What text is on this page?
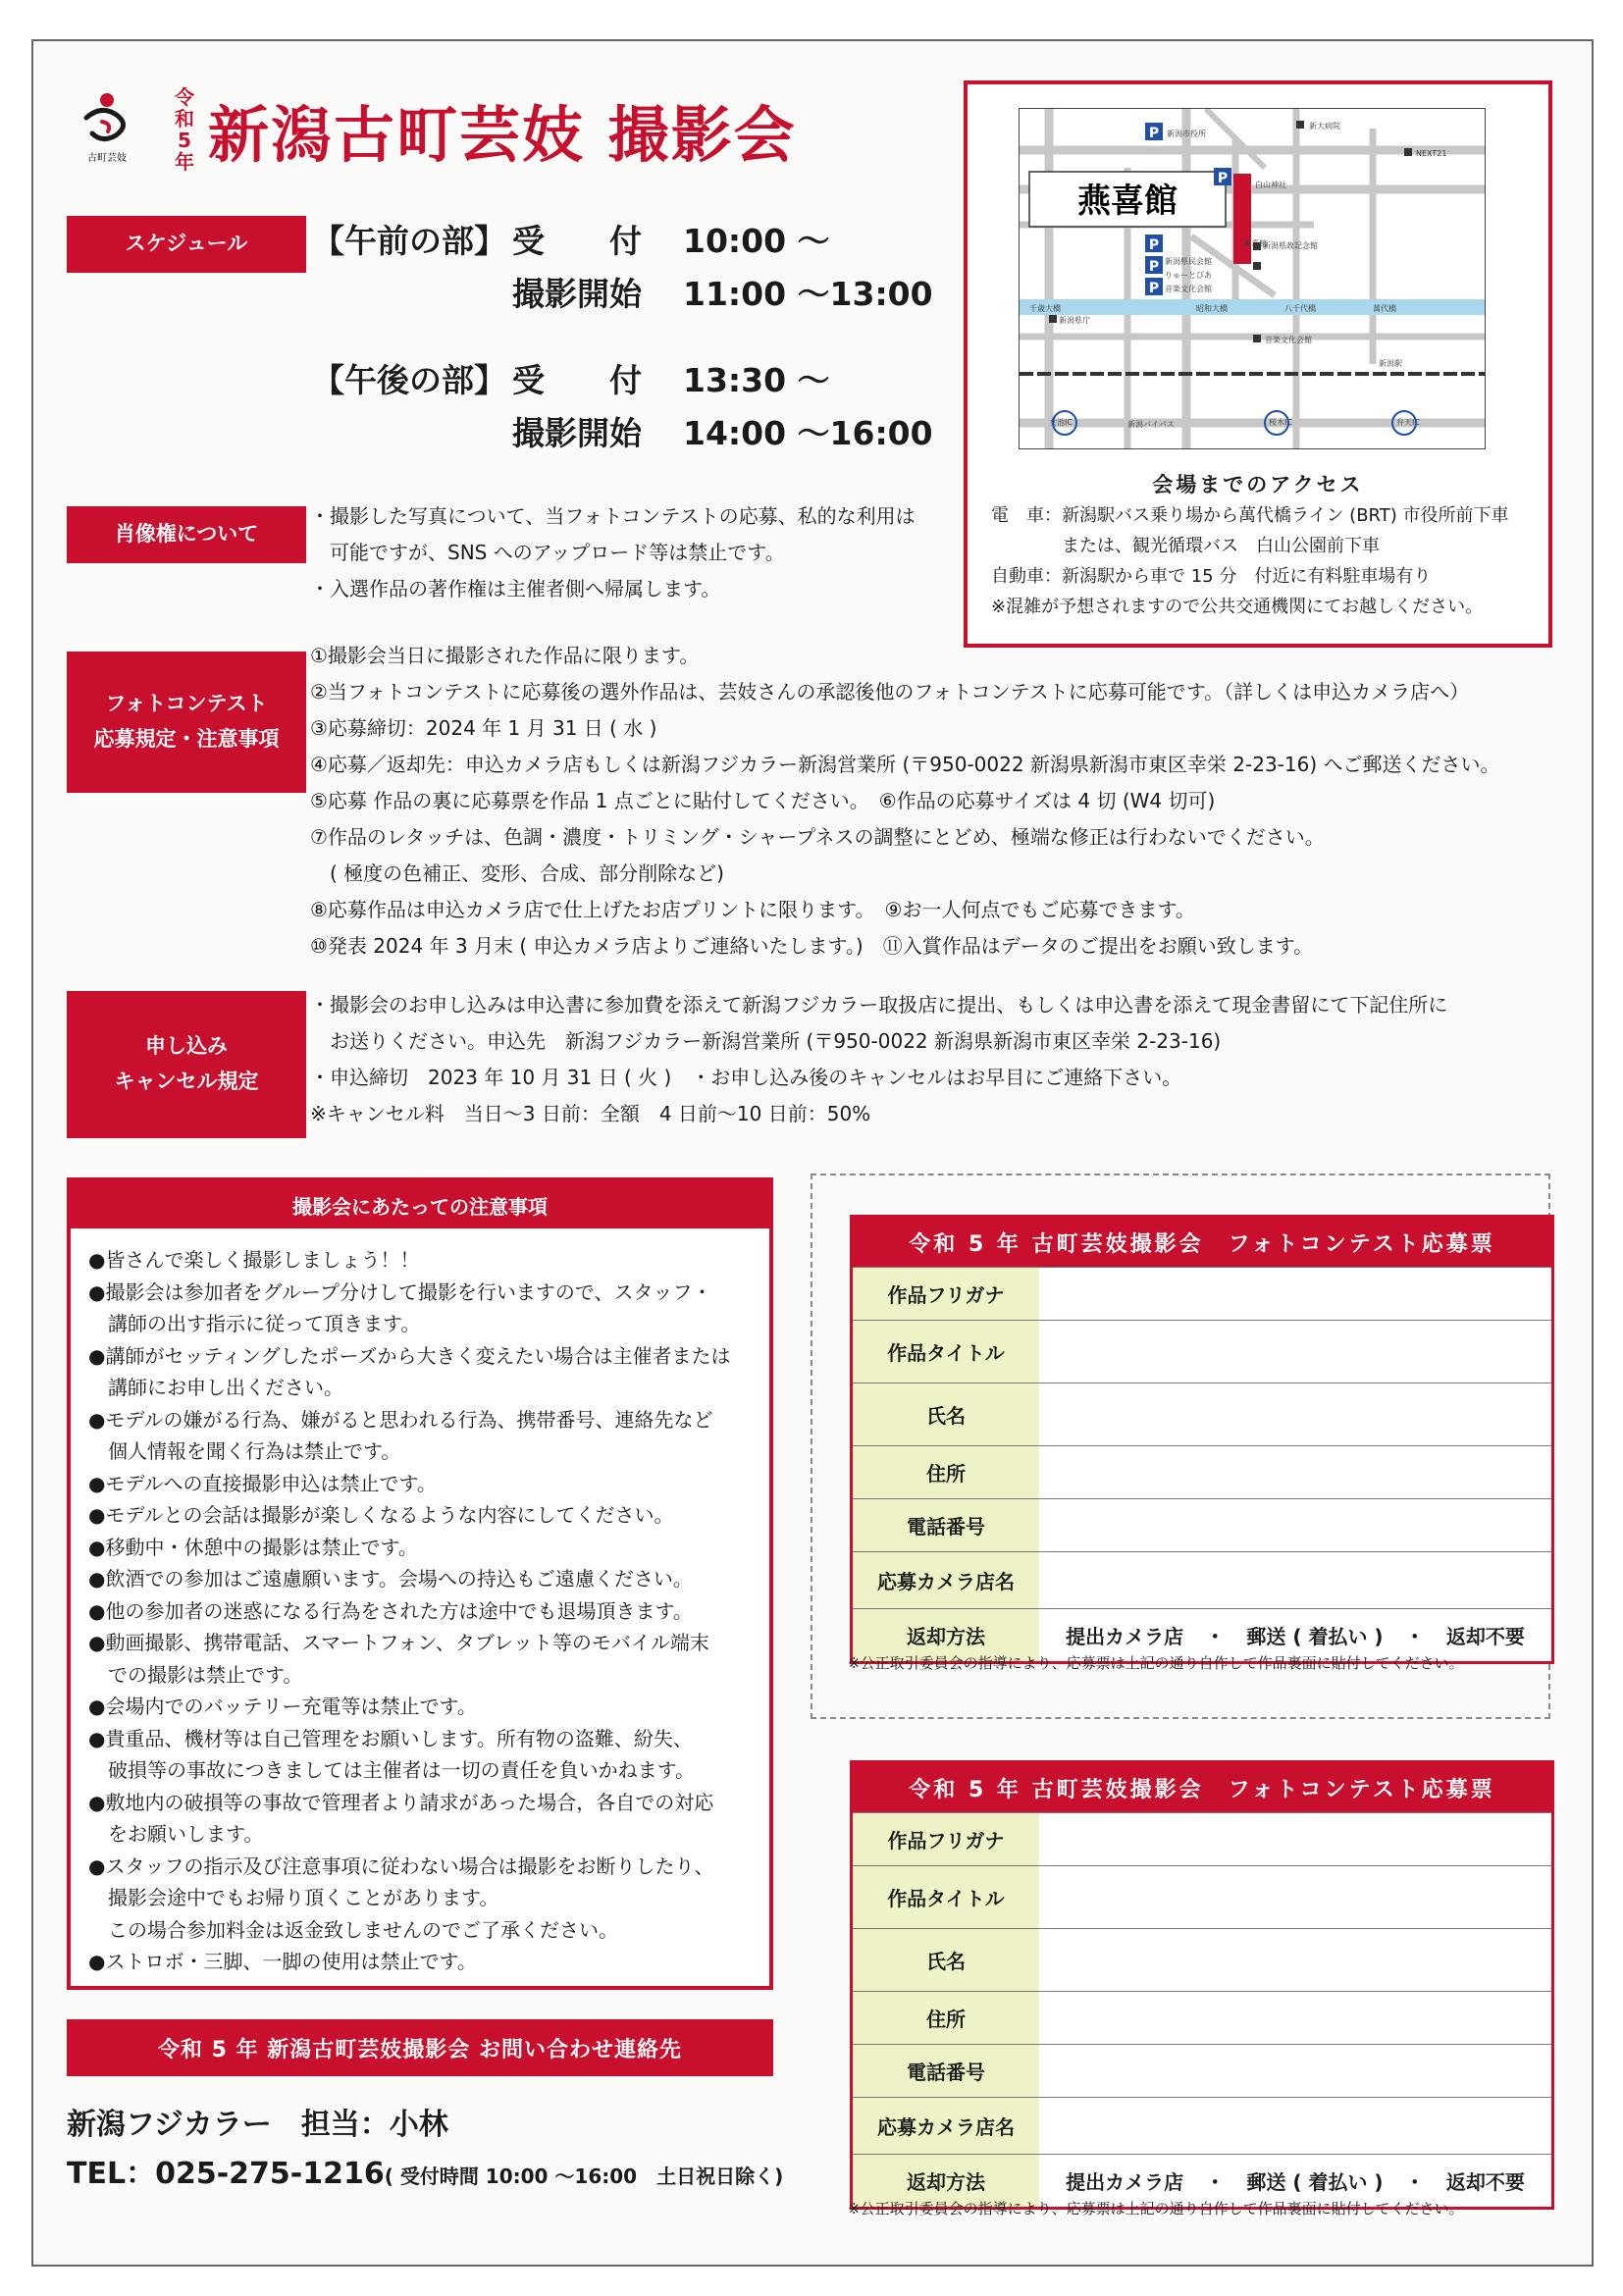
古町芸妓
令和5年 新潟古町芸妓 撮影会
スケジュール	【午前の部】 受　　付 10:00 〜
撮影開始 11:00 〜13:00
【午後の部】 受　　付 13:30 〜
撮影開始 14:00 〜16:00
肖像権について
・撮影した写真について、当フォトコンテストの応募、私的な利用は
　可能ですが、SNS へのアップロード等は禁止です。
・入選作品の著作権は主催者側へ帰属します。
フォトコンテスト
応募規定・注意事項
①撮影会当日に撮影された作品に限ります。
②当フォトコンテストに応募後の選外作品は、芸妓さんの承認後他のフォトコンテストに応募可能です。（詳しくは申込カメラ店へ）
③応募締切：2024 年 1 月 31 日 ( 水 )
④応募／返却先：申込カメラ店もしくは新潟フジカラー新潟営業所 (〒950-0022 新潟県新潟市東区幸栄 2-23-16) へご郵送ください。
⑤応募 作品の裏に応募票を作品 1 点ごとに貼付してください。　⑥作品の応募サイズは 4 切 (W4 切可)
⑦作品のレタッチは、色調・濃度・トリミング・シャープネスの調整にとどめ、極端な修正は行わないでください。
　( 極度の色補正、変形、合成、部分削除など)
⑧応募作品は申込カメラ店で仕上げたお店プリントに限ります。　⑨お一人何点でもご応募できます。
⑩発表 2024 年 3 月末 ( 申込カメラ店よりご連絡いたします。)　⑪入賞作品はデータのご提出をお願い致します。
申し込み
キャンセル規定
・撮影会のお申し込みは申込書に参加費を添えて新潟フジカラー取扱店に提出、もしくは申込書を添えて現金書留にて下記住所に
　お送りください。申込先　新潟フジカラー新潟営業所 (〒950-0022 新潟県新潟市東区幸栄 2-23-16)
・申込締切　2023 年 10 月 31 日 ( 火 )　・お申し込み後のキャンセルはお早目にご連絡下さい。
※キャンセル料　当日〜3 日前：全額　4 日前〜10 日前：50%
燕喜館
P
P
P
P
P
新潟市役所
新大病院
NEXT21
白山神社
燕喜館
新潟県政記念館
新潟県民会館
りゅーとぴあ
音楽文化会館
千歳大橋	昭和大橋	八千代橋	萬代橋
新潟県庁
音楽文化会館
新潟駅
女池IC	新潟バイパス	桜木IC	弁天IC
会場までのアクセス
電　車：新潟駅バス乗り場から萬代橋ライン (BRT) 市役所前下車
　　　　または、観光循環バス　白山公園前下車
自動車：新潟駅から車で 15 分　付近に有料駐車場有り
※混雑が予想されますので公共交通機関にてお越しください。
撮影会にあたっての注意事項
●皆さんで楽しく撮影しましょう！！
●撮影会は参加者をグループ分けして撮影を行いますので、スタッフ・
　講師の出す指示に従って頂きます。
●講師がセッティングしたポーズから大きく変えたい場合は主催者または
　講師にお申し出ください。
●モデルの嫌がる行為、嫌がると思われる行為、携帯番号、連絡先など
　個人情報を聞く行為は禁止です。
●モデルへの直接撮影申込は禁止です。
●モデルとの会話は撮影が楽しくなるような内容にしてください。
●移動中・休憩中の撮影は禁止です。
●飲酒での参加はご遠慮願います。会場への持込もご遠慮ください。
●他の参加者の迷惑になる行為をされた方は途中でも退場頂きます。
●動画撮影、携帯電話、スマートフォン、タブレット等のモバイル端末
　での撮影は禁止です。
●会場内でのバッテリー充電等は禁止です。
●貴重品、機材等は自己管理をお願いします。所有物の盗難、紛失、
　破損等の事故につきましては主催者は一切の責任を負いかねます。
●敷地内の破損等の事故で管理者より請求があった場合，各自での対応
　をお願いします。
●スタッフの指示及び注意事項に従わない場合は撮影をお断りしたり、
　撮影会途中でもお帰り頂くことがあります。
　この場合参加料金は返金致しませんのでご了承ください。
●ストロボ・三脚、一脚の使用は禁止です。
令和 5 年 新潟古町芸妓撮影会 お問い合わせ連絡先
新潟フジカラー　担当：小林
TEL：025-275-1216( 受付時間 10:00 〜16:00　土日祝日除く)
令和 5 年 古町芸妓撮影会　フォトコンテスト応募票
作品フリガナ
作品タイトル
氏名
住所
電話番号
応募カメラ店名
返却方法	提出カメラ店 ・ 郵送 ( 着払い ) ・ 返却不要
※公正取引委員会の指導により、応募票は上記の通り自作して作品裏面に貼付してください。
令和 5 年 古町芸妓撮影会　フォトコンテスト応募票
作品フリガナ
作品タイトル
氏名
住所
電話番号
応募カメラ店名
返却方法	提出カメラ店 ・ 郵送 ( 着払い ) ・ 返却不要
※公正取引委員会の指導により、応募票は上記の通り自作して作品裏面に貼付してください。
